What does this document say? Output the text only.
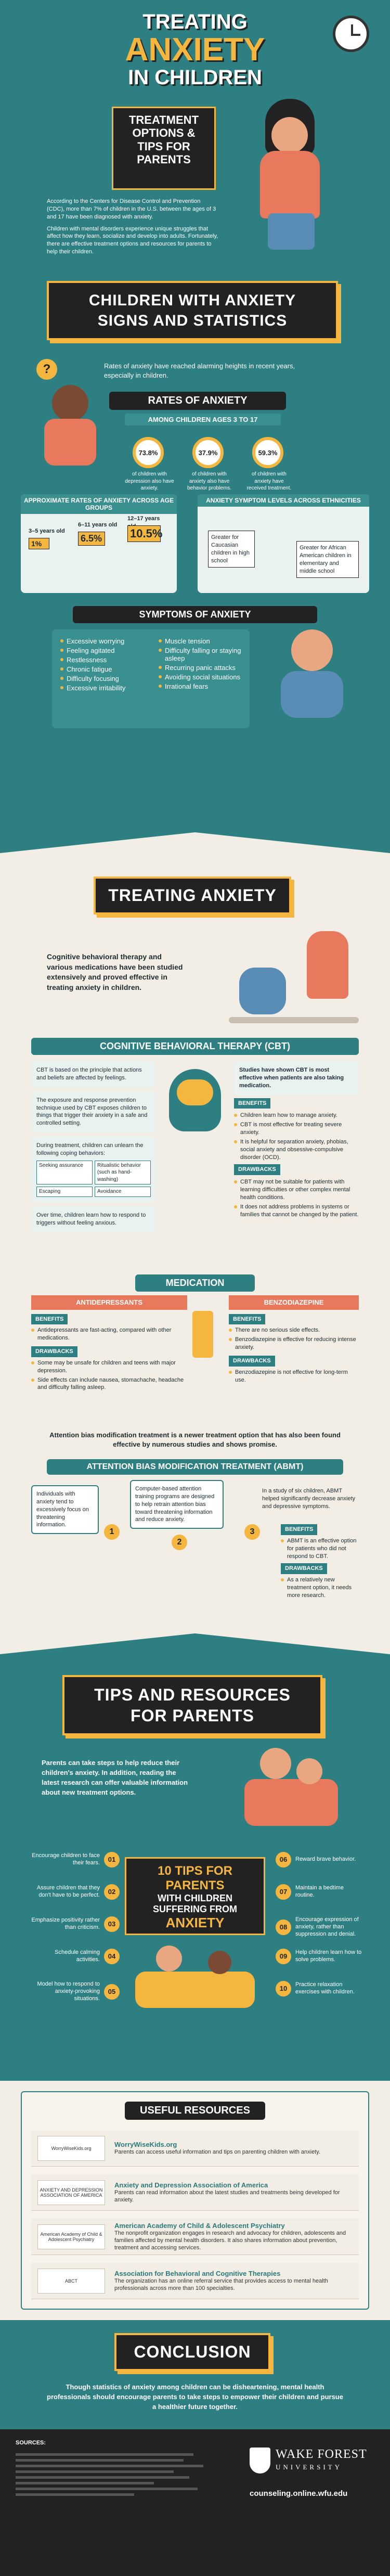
TREATING
ANXIETY
IN CHILDREN
TREATMENT
OPTIONS &
TIPS FOR
PARENTS

According to the Centers for Disease Control and Prevention (CDC), more than 7% of children in the U.S. between the ages of 3 and 17 have been diagnosed with anxiety.

Children with mental disorders experience unique struggles that affect how they learn, socialize and develop into adults. Fortunately, there are effective treatment options and resources for parents to help their children.

CHILDREN WITH ANXIETY
SIGNS AND STATISTICS

Rates of anxiety have reached alarming heights in recent years, especially in children.

?
RATES OF ANXIETY
AMONG CHILDREN AGES 3 TO 17
APPROXIMATE RATES OF ANXIETY ACROSS AGE GROUPS
3–5 years old
1%
6–11 years old
6.5%
12–17 years
10.5%
ANXIETY SYMPTOM LEVELS ACROSS ETHNICITIES
Greater for Caucasian children in high school
Greater for African American children in elementary and middle school
SYMPTOMS OF ANXIETY
Excessive worrying
Feeling agitated
Restlessness
Chronic fatigue
Difficulty focusing
Excessive irritability
Muscle tension
Difficulty falling or staying asleep
Recurring panic attacks
Avoiding social situations
Irrational fears
73.8%
of children with depression also have anxiety.
37.9%
of children with anxiety also have behavior problems.
59.3%
of children with anxiety have received treatment.
TREATING ANXIETY

Cognitive behavioral therapy and various medications have been studied extensively and proved effective in treating anxiety in children.

COGNITIVE BEHAVIORAL THERAPY (CBT)
CBT is based on the principle that actions and beliefs are affected by feelings.
The exposure and response prevention technique used by CBT exposes children to things that trigger their anxiety in a safe and controlled setting.
During treatment, children can unlearn the following coping behaviors:
Seeking assurance	Ritualistic behavior (such as hand-washing)
Escaping	Avoidance
Over time, children learn how to respond to triggers without feeling anxious.
Studies have shown CBT is most effective when patients are also taking medication.
BENEFITS
Children learn how to manage anxiety.
CBT is most effective for treating severe anxiety.
It is helpful for separation anxiety, phobias, social anxiety and obsessive-compulsive disorder (OCD).
DRAWBACKS
CBT may not be suitable for patients with learning difficulties or other complex mental health conditions.
It does not address problems in systems or families that cannot be changed by the patient.
MEDICATION
ANTIDEPRESSANTS
BENEFITS
Antidepressants are fast-acting, compared with other medications.
DRAWBACKS
Some may be unsafe for children and teens with major depression.
Side effects can include nausea, stomachache, headache and difficulty falling asleep.
BENZODIAZEPINE
BENEFITS
There are no serious side effects.
Benzodiazepine is effective for reducing intense anxiety.
DRAWBACKS
Benzodiazepine is not effective for long-term use.

Attention bias modification treatment is a newer treatment option that has also been found effective by numerous studies and shows promise.

ATTENTION BIAS MODIFICATION TREATMENT (ABMT)
Individuals with anxiety tend to excessively focus on threatening information.
Computer-based attention training programs are designed to help retrain attention bias toward threatening information and reduce anxiety.
In a study of six children, ABMT helped significantly decrease anxiety and depressive symptoms.
1
2
3	BENEFITS
ABMT is an effective option for patients who did not respond to CBT.
DRAWBACKS
As a relatively new treatment option, it needs more research.
TIPS AND RESOURCES
FOR PARENTS

Parents can take steps to help reduce their children's anxiety. In addition, reading the latest research can offer valuable information about new treatment options.

10 TIPS FOR
PARENTS
WITH CHILDREN
SUFFERING FROM
ANXIETY
01
Encourage children to face their fears.
02
Assure children that they don't have to be perfect.
03
Emphasize positivity rather than criticism.
04
Schedule calming activities.
05
Model how to respond to anxiety-provoking situations.
06	Reward brave behavior.
07	Maintain a bedtime routine.
08
Encourage expression of anxiety, rather than suppression and denial.
09	Help children learn how to solve problems.
10	Practice relaxation exercises with children.
USEFUL RESOURCES
WorryWiseKids.org	WorryWiseKids.org
Parents can access useful information and tips on parenting children with anxiety.
ANXIETY AND DEPRESSION ASSOCIATION OF AMERICA
Anxiety and Depression Association of America
Parents can read information about the latest studies and treatments being developed for anxiety.
American Academy of Child & Adolescent Psychiatry
American Academy of Child & Adolescent Psychiatry
The nonprofit organization engages in research and advocacy for children, adolescents and families affected by mental health disorders. It also shares information about prevention, treatment and accessing services.
ABCT
Association for Behavioral and Cognitive Therapies
The organization has an online referral service that provides access to mental health professionals across more than 100 specialties.
CONCLUSION

Though statistics of anxiety among children can be disheartening, mental health professionals should encourage parents to take steps to empower their children and pursue a healthier future together.

SOURCES:
WAKE FOREST
UNIVERSITY
counseling.online.wfu.edu
